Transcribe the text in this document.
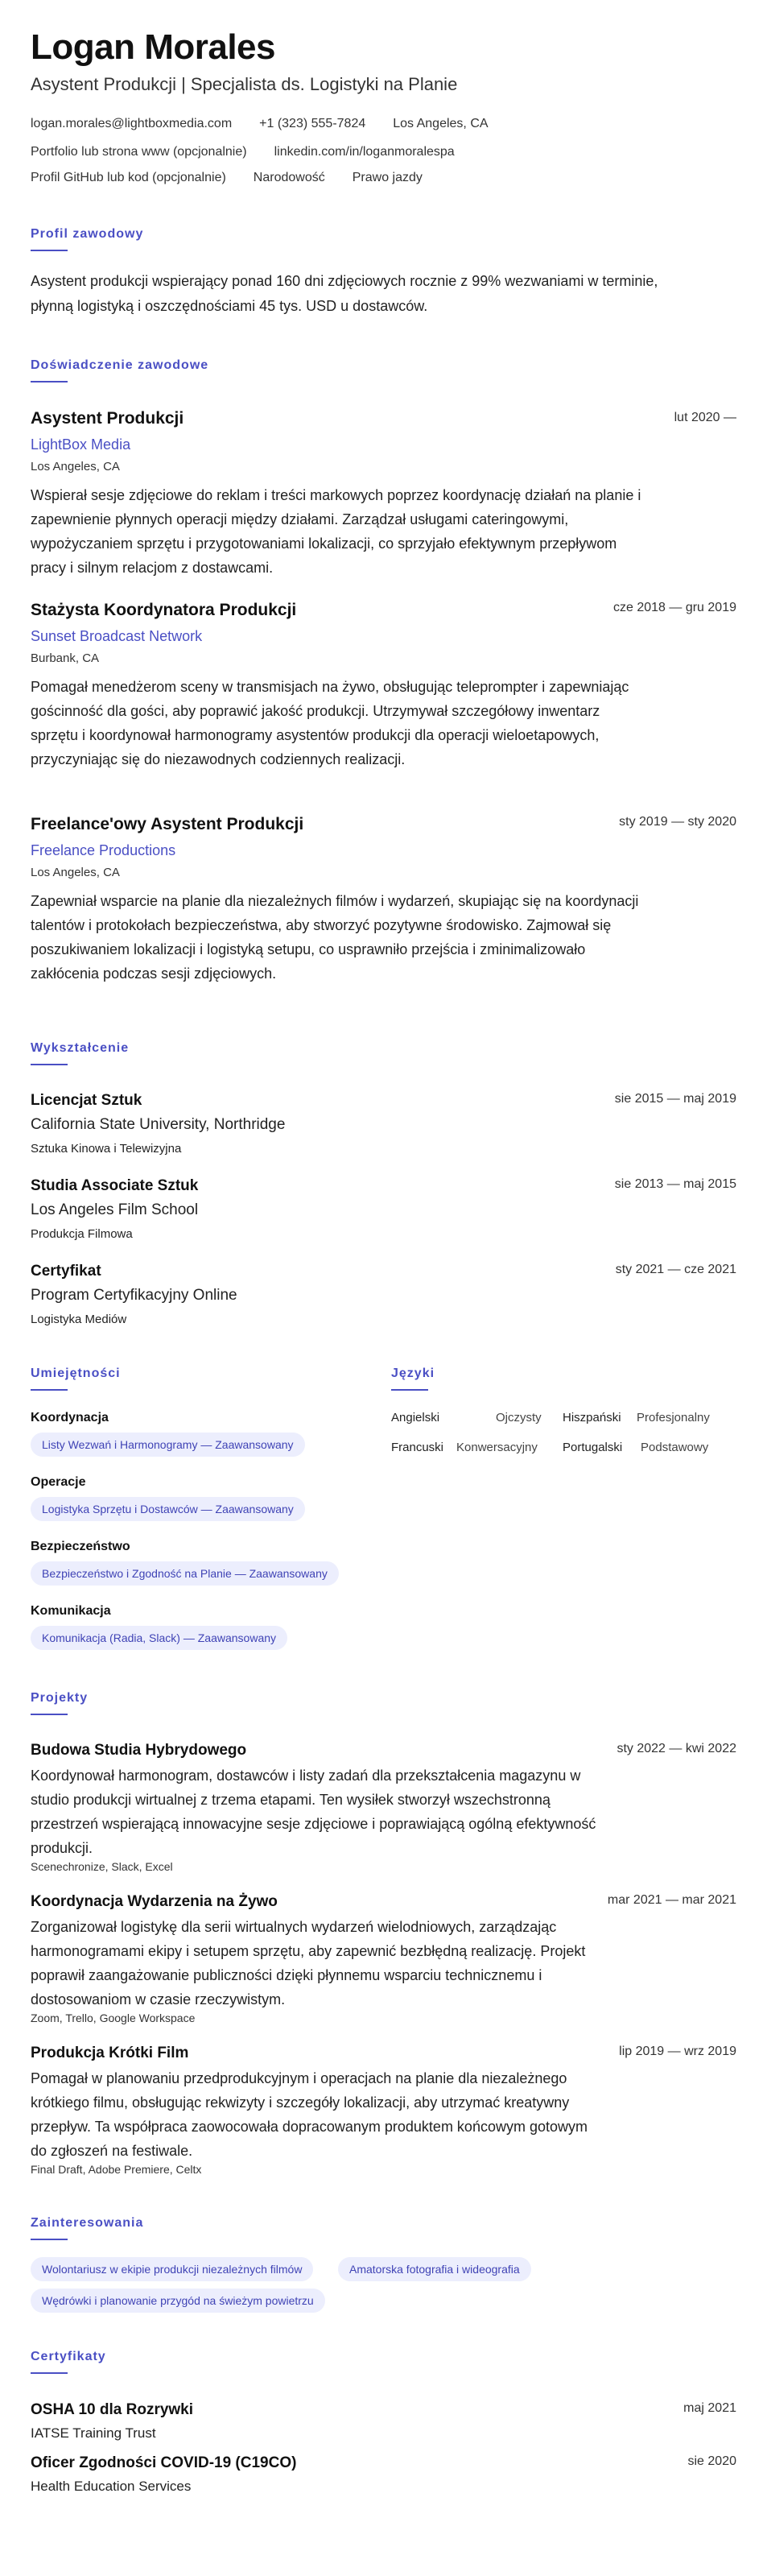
Logan Morales

Asystent Produkcji | Specjalista ds. Logistyki na Planie

logan.morales@lightboxmedia.com +1 (323) 555-7824 Los Angeles, CA
Portfolio lub strona www (opcjonalnie) linkedin.com/in/loganmoralespa
Profil GitHub lub kod (opcjonalnie) Narodowość Prawo jazdy
Profil zawodowy

Asystent produkcji wspierający ponad 160 dni zdjęciowych rocznie z 99% wezwaniami w terminie, płynną logistyką i oszczędnościami 45 tys. USD u dostawców.

Doświadczenie zawodowe
Asystent Produkcji	lut 2020 —
LightBox Media
Los Angeles, CA

Wspierał sesje zdjęciowe do reklam i treści markowych poprzez koordynację działań na planie i zapewnienie płynnych operacji między działami. Zarządzał usługami cateringowymi, wypożyczaniem sprzętu i przygotowaniami lokalizacji, co sprzyjało efektywnym przepływom pracy i silnym relacjom z dostawcami.

Stażysta Koordynatora Produkcji	cze 2018 — gru 2019
Sunset Broadcast Network
Burbank, CA

Pomagał menedżerom sceny w transmisjach na żywo, obsługując teleprompter i zapewniając gościnność dla gości, aby poprawić jakość produkcji. Utrzymywał szczegółowy inwentarz sprzętu i koordynował harmonogramy asystentów produkcji dla operacji wieloetapowych, przyczyniając się do niezawodnych codziennych realizacji.

Freelance'owy Asystent Produkcji	sty 2019 — sty 2020
Freelance Productions
Los Angeles, CA

Zapewniał wsparcie na planie dla niezależnych filmów i wydarzeń, skupiając się na koordynacji talentów i protokołach bezpieczeństwa, aby stworzyć pozytywne środowisko. Zajmował się poszukiwaniem lokalizacji i logistyką setupu, co usprawniło przejścia i zminimalizowało zakłócenia podczas sesji zdjęciowych.

Wykształcenie
Licencjat Sztuk	sie 2015 — maj 2019
California State University, Northridge
Sztuka Kinowa i Telewizyjna
Studia Associate Sztuk	sie 2013 — maj 2015
Los Angeles Film School
Produkcja Filmowa
Certyfikat	sty 2021 — cze 2021
Program Certyfikacyjny Online
Logistyka Mediów
Umiejętności
Koordynacja
Listy Wezwań i Harmonogramy — Zaawansowany
Operacje
Logistyka Sprzętu i Dostawców — Zaawansowany
Bezpieczeństwo
Bezpieczeństwo i Zgodność na Planie — Zaawansowany
Komunikacja
Komunikacja (Radia, Slack) — Zaawansowany
Języki
Angielski	Ojczysty Hiszpański Profesjonalny
Francuski Konwersacyjny Portugalski Podstawowy
Projekty
Budowa Studia Hybrydowego	sty 2022 — kwi 2022

Koordynował harmonogram, dostawców i listy zadań dla przekształcenia magazynu w studio produkcji wirtualnej z trzema etapami. Ten wysiłek stworzył wszechstronną przestrzeń wspierającą innowacyjne sesje zdjęciowe i poprawiającą ogólną efektywność produkcji.

Scenechronize, Slack, Excel
Koordynacja Wydarzenia na Żywo	mar 2021 — mar 2021

Zorganizował logistykę dla serii wirtualnych wydarzeń wielodniowych, zarządzając harmonogramami ekipy i setupem sprzętu, aby zapewnić bezbłędną realizację. Projekt poprawił zaangażowanie publiczności dzięki płynnemu wsparciu technicznemu i dostosowaniom w czasie rzeczywistym.

Zoom, Trello, Google Workspace
Produkcja Krótki Film	lip 2019 — wrz 2019

Pomagał w planowaniu przedprodukcyjnym i operacjach na planie dla niezależnego krótkiego filmu, obsługując rekwizyty i szczegóły lokalizacji, aby utrzymać kreatywny przepływ. Ta współpraca zaowocowała dopracowanym produktem końcowym gotowym do zgłoszeń na festiwale.

Final Draft, Adobe Premiere, Celtx
Zainteresowania
Wolontariusz w ekipie produkcji niezależnych filmów	Amatorska fotografia i wideografia
Wędrówki i planowanie przygód na świeżym powietrzu
Certyfikaty
OSHA 10 dla Rozrywki	maj 2021
IATSE Training Trust
Oficer Zgodności COVID-19 (C19CO)	sie 2020
Health Education Services
